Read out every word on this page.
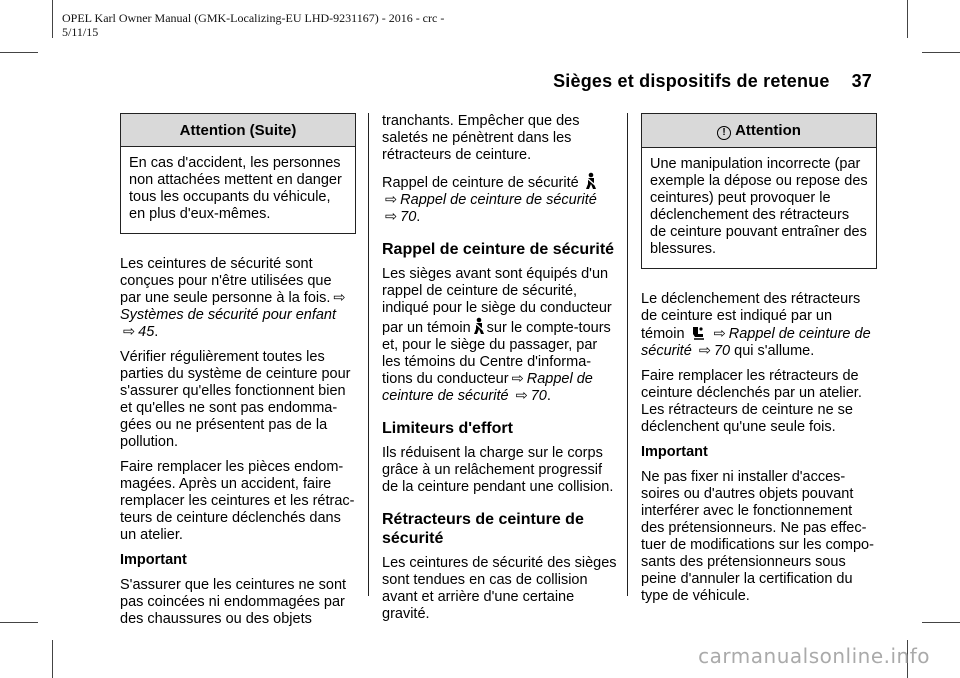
OPEL Karl Owner Manual (GMK-Localizing-EU LHD-9231167) - 2016 - crc -
5/11/15
Sièges et dispositifs de retenue 37
Attention (Suite)
En cas d'accident, les personnes non attachées mettent en danger tous les occupants du véhicule, en plus d'eux-mêmes.

Les ceintures de sécurité sont conçues pour n'être utilisées que par une seule personne à la fois. ⇨
Systèmes de sécurité pour enfant
⇨ 45.

Vérifier régulièrement toutes les parties du système de ceinture pour s'assurer qu'elles fonctionnent bien et qu'elles ne sont pas endomma-gées ou ne présentent pas de la pollution.

Faire remplacer les pièces endom-magées. Après un accident, faire remplacer les ceintures et les rétrac-teurs de ceinture déclenchés dans un atelier.

Important

S'assurer que les ceintures ne sont pas coincées ni endommagées par des chaussures ou des objets

tranchants. Empêcher que des saletés ne pénètrent dans les rétracteurs de ceinture.

Rappel de ceinture de sécurité
⇨ Rappel de ceinture de sécurité
⇨ 70.

Rappel de ceinture de sécurité

Les sièges avant sont équipés d'un rappel de ceinture de sécurité, indiqué pour le siège du conducteur par un témoin sur le compte-tours et, pour le siège du passager, par les témoins du Centre d'informa-tions du conducteur ⇨ Rappel de ceinture de sécurité ⇨ 70.

Limiteurs d'effort

Ils réduisent la charge sur le corps grâce à un relâchement progressif de la ceinture pendant une collision.

Rétracteurs de ceinture de sécurité

Les ceintures de sécurité des sièges sont tendues en cas de collision avant et arrière d'une certaine gravité.

! Attention
Une manipulation incorrecte (par exemple la dépose ou repose des ceintures) peut provoquer le déclenchement des rétracteurs de ceinture pouvant entraîner des blessures.

Le déclenchement des rétracteurs de ceinture est indiqué par un témoin ⇨ Rappel de ceinture de sécurité ⇨ 70 qui s'allume.

Faire remplacer les rétracteurs de ceinture déclenchés par un atelier. Les rétracteurs de ceinture ne se déclenchent qu'une seule fois.

Important

Ne pas fixer ni installer d'acces-soires ou d'autres objets pouvant interférer avec le fonctionnement des prétensionneurs. Ne pas effec-tuer de modifications sur les compo-sants des prétensionneurs sous peine d'annuler la certification du type de véhicule.

carmanualsonline.info
